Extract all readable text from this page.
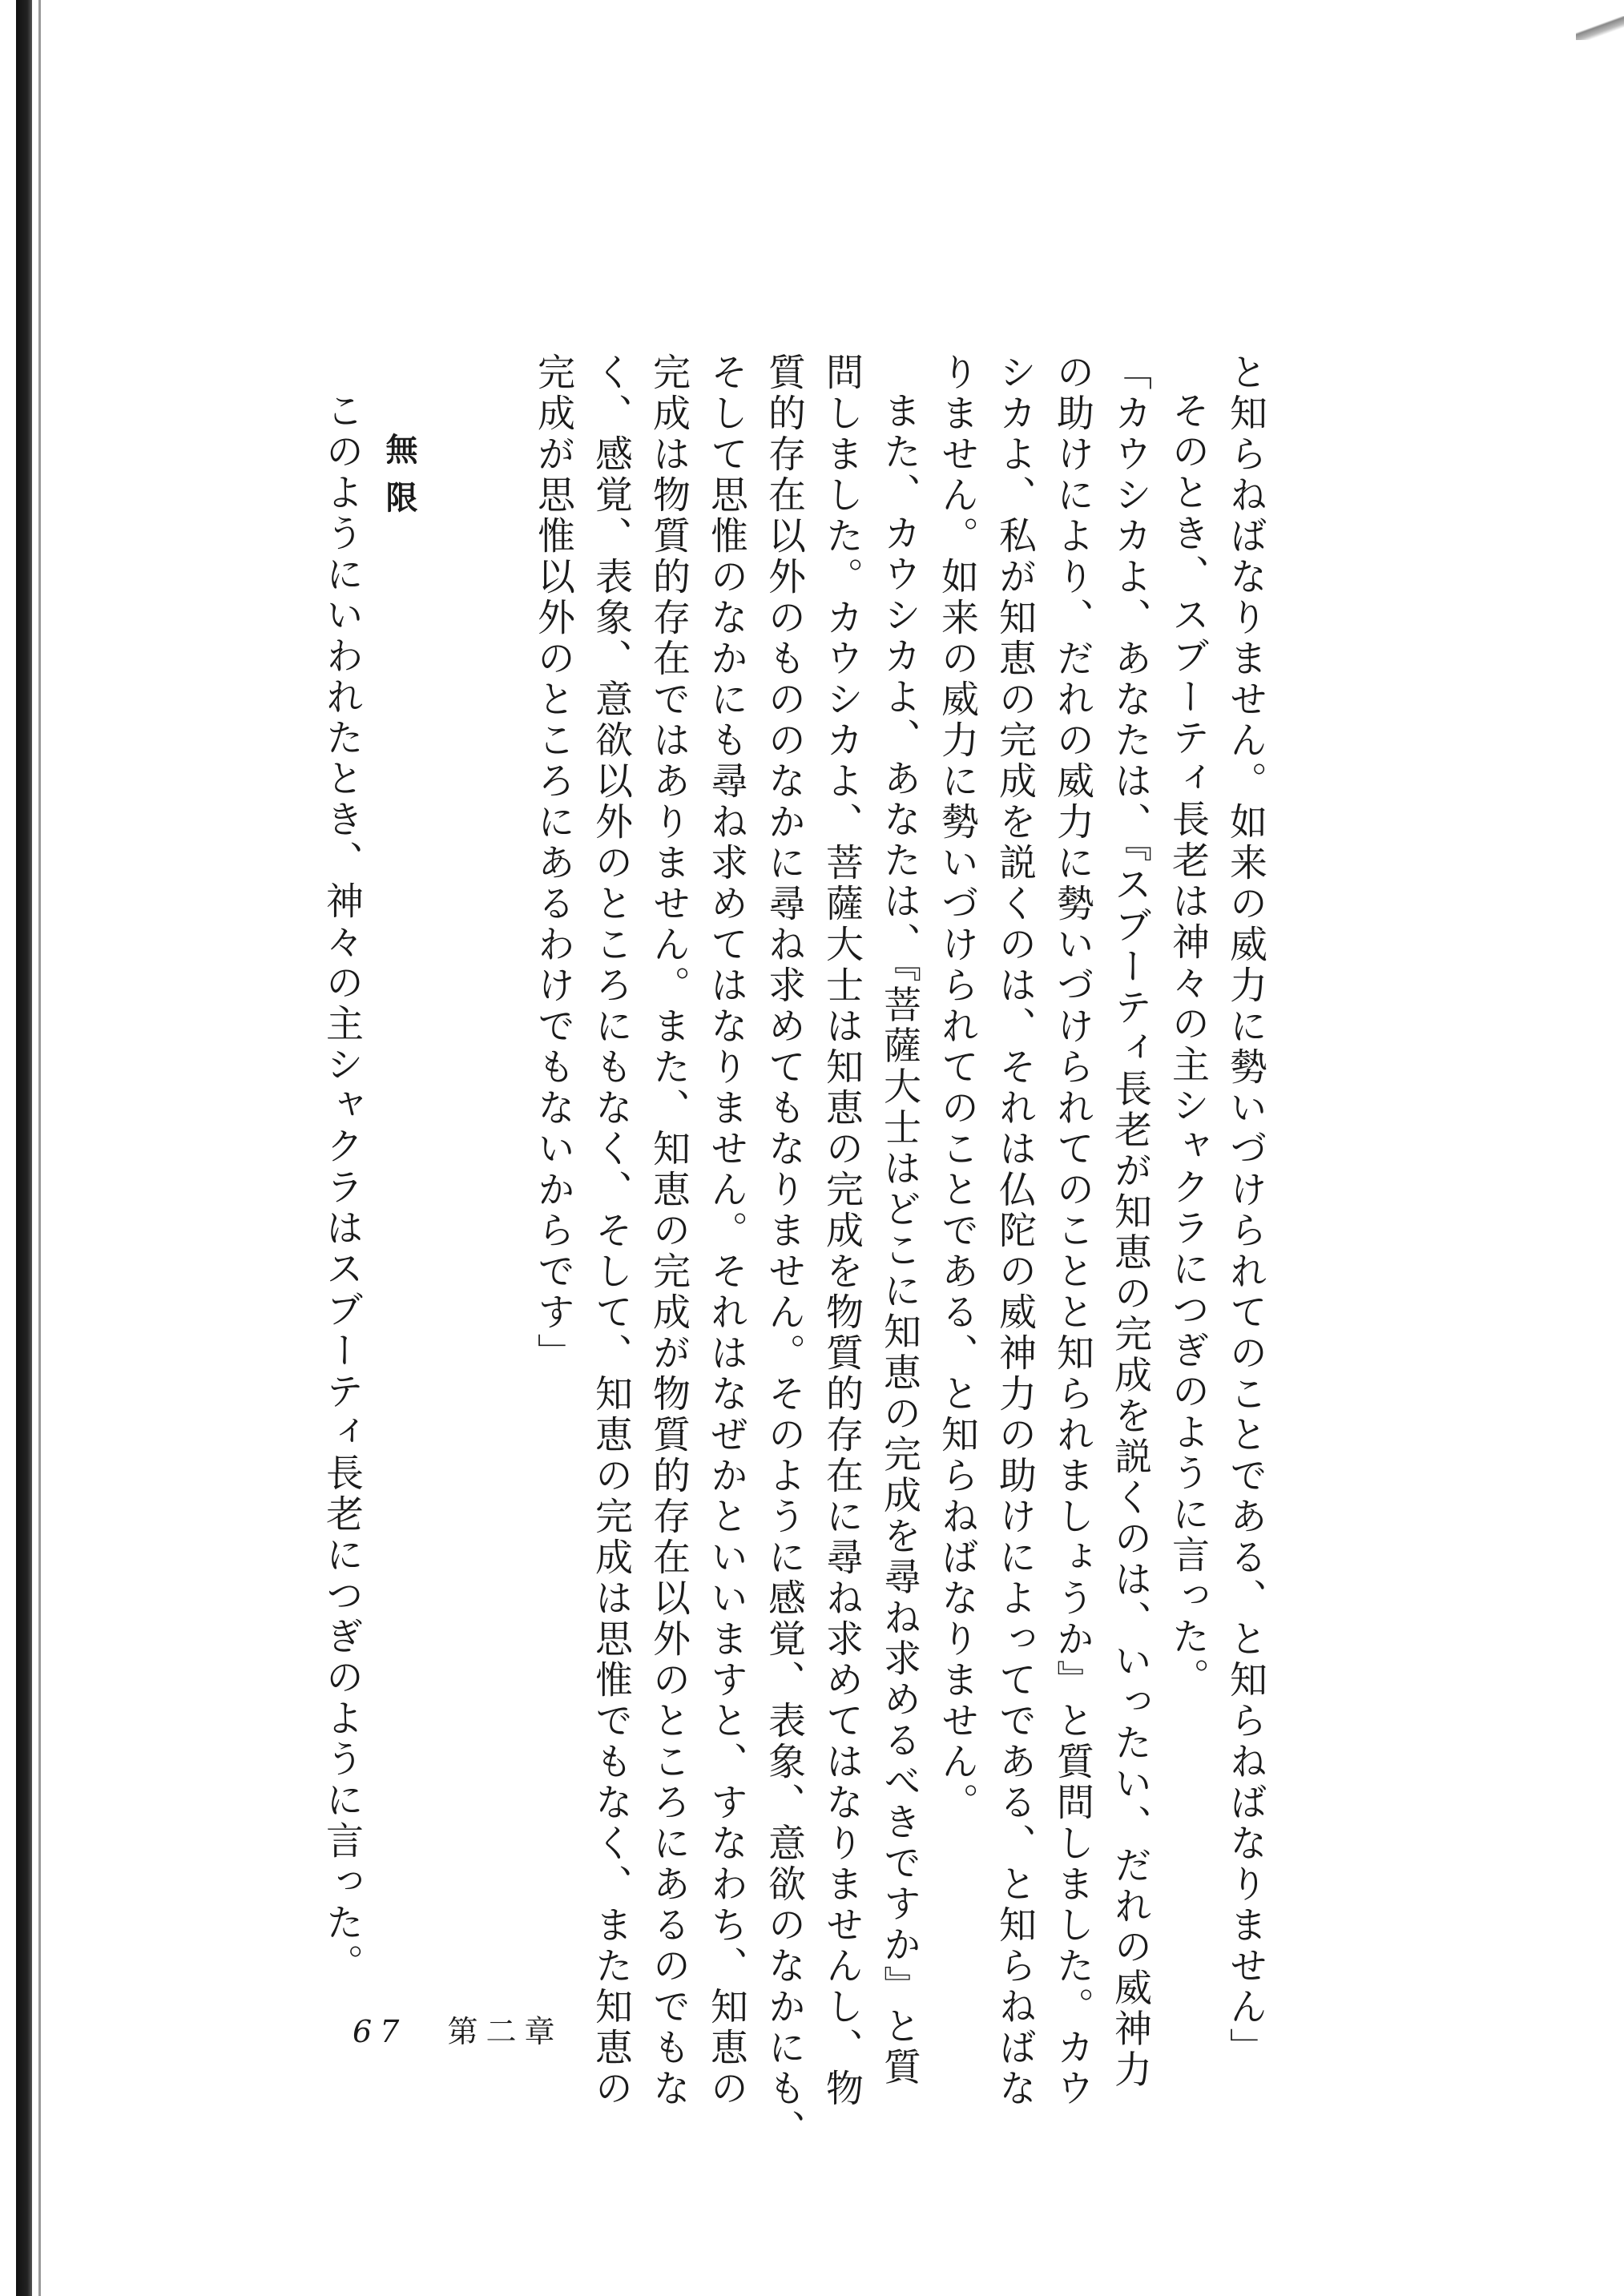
と知らねばなりません。如来の威力に勢いづけられてのことである、と知らねばなりません」
そのとき、スブーティ長老は神々の主シャクラにつぎのように言った。
「カウシカよ、あなたは、『スブーティ長老が知恵の完成を説くのは、いったい、だれの威神力
の助けにより、だれの威力に勢いづけられてのことと知られましょうか』と質問しました。カウ
シカよ、私が知恵の完成を説くのは、それは仏陀の威神力の助けによってである、と知らねばな
りません。如来の威力に勢いづけられてのことである、と知らねばなりません。
また、カウシカよ、あなたは、『菩薩大士はどこに知恵の完成を尋ね求めるべきですか』と質
問しました。カウシカよ、菩薩大士は知恵の完成を物質的存在に尋ね求めてはなりませんし、物
質的存在以外のもののなかに尋ね求めてもなりません。そのように感覚、表象、意欲のなかにも、
そして思惟のなかにも尋ね求めてはなりません。それはなぜかといいますと、すなわち、知恵の
完成は物質的存在ではありません。また、知恵の完成が物質的存在以外のところにあるのでもな
く、感覚、表象、意欲以外のところにもなく、そして、知恵の完成は思惟でもなく、また知恵の
完成が思惟以外のところにあるわけでもないからです」
無限
このようにいわれたとき、神々の主シャクラはスブーティ長老につぎのように言った。
67 第二章
